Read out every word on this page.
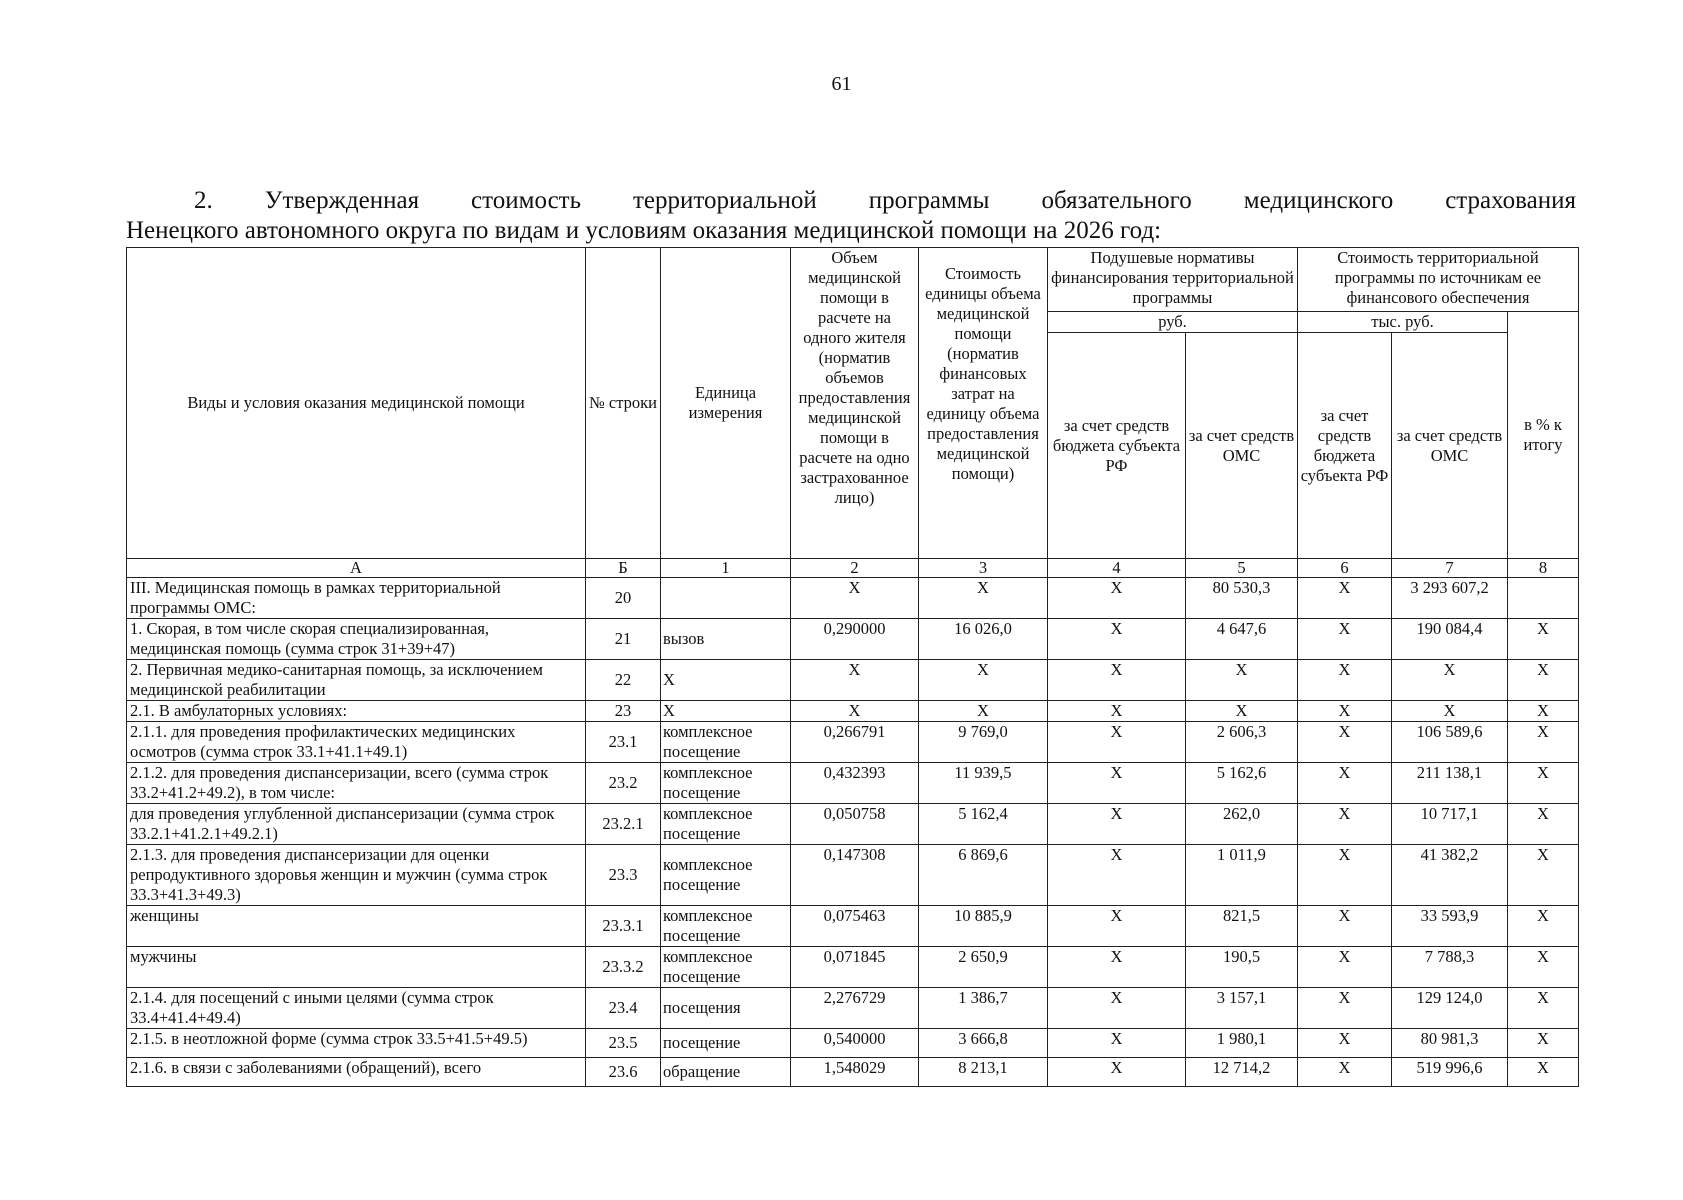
61
2. Утвержденная стоимость территориальной программы обязательного медицинского страхования
Ненецкого автономного округа по видам и условиям оказания медицинской помощи на 2026 год:
Виды и условия оказания медицинской помощи	№ строки	Единица измерения	Объем медицинской помощи в расчете на одного жителя (норматив объемов предоставления медицинской помощи в расчете на одно застрахованное лицо)	Стоимость единицы объема медицинской помощи (норматив финансовых затрат на единицу объема предоставления медицинской помощи)	Подушевые нормативы финансирования территориальной программы		Стоимость территориальной программы по источникам ее финансового обеспечения		
					руб.		тыс. руб.		в % к итогу
					за счет средств бюджета субъекта РФ	за счет средств ОМС	за счет средств бюджета субъекта РФ	за счет средств ОМС	
А	Б	1	2	3	4	5	6	7	8
III. Медицинская помощь в рамках территориальной программы ОМС:	20		Х	Х	Х	80 530,3	Х	3 293 607,2	
1. Скорая, в том числе скорая специализированная, медицинская помощь (сумма строк 31+39+47)	21	вызов	0,290000	16 026,0	Х	4 647,6	Х	190 084,4	Х
2. Первичная медико-санитарная помощь, за исключением медицинской реабилитации	22	Х	Х	Х	Х	Х	Х	Х	Х
2.1. В амбулаторных условиях:	23	Х	Х	Х	Х	Х	Х	Х	Х
2.1.1. для проведения профилактических медицинских осмотров (сумма строк 33.1+41.1+49.1)	23.1	комплексное посещение	0,266791	9 769,0	Х	2 606,3	Х	106 589,6	Х
2.1.2. для проведения диспансеризации, всего (сумма строк 33.2+41.2+49.2), в том числе:	23.2	комплексное посещение	0,432393	11 939,5	Х	5 162,6	Х	211 138,1	Х
для проведения углубленной диспансеризации (сумма строк 33.2.1+41.2.1+49.2.1)	23.2.1	комплексное посещение	0,050758	5 162,4	Х	262,0	Х	10 717,1	Х
2.1.3. для проведения диспансеризации для оценки репродуктивного здоровья женщин и мужчин (сумма строк 33.3+41.3+49.3)	23.3	комплексное посещение	0,147308	6 869,6	Х	1 011,9	Х	41 382,2	Х
женщины	23.3.1	комплексное посещение	0,075463	10 885,9	Х	821,5	Х	33 593,9	Х
мужчины	23.3.2	комплексное посещение	0,071845	2 650,9	Х	190,5	Х	7 788,3	Х
2.1.4. для посещений с иными целями (сумма строк 33.4+41.4+49.4)	23.4	посещения	2,276729	1 386,7	Х	3 157,1	Х	129 124,0	Х
2.1.5. в неотложной форме (сумма строк 33.5+41.5+49.5)	23.5	посещение	0,540000	3 666,8	Х	1 980,1	Х	80 981,3	Х
2.1.6. в связи с заболеваниями (обращений), всего	23.6	обращение	1,548029	8 213,1	Х	12 714,2	Х	519 996,6	Х
